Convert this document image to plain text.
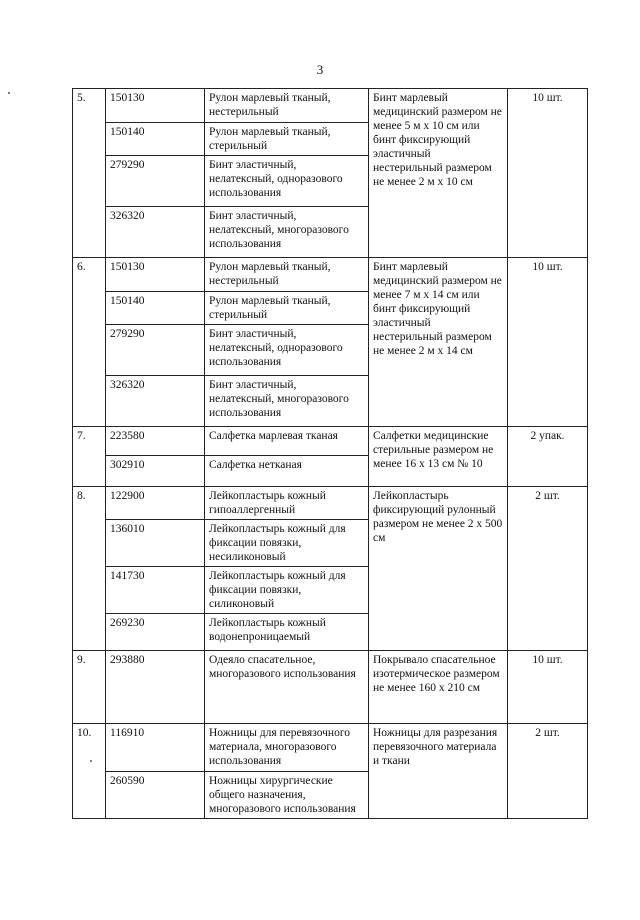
3
5.	150130	Рулон марлевый тканый, нестерильный	Бинт марлевый медицинский размером не менее 5 м х 10 см или бинт фиксирующий эластичный нестерильный размером не менее 2 м х 10 см	10 шт.
	150140	Рулон марлевый тканый, стерильный		
	279290	Бинт эластичный, нелатексный, одноразового использования		
	326320	Бинт эластичный, нелатексный, многоразового использования		
6.	150130	Рулон марлевый тканый, нестерильный	Бинт марлевый медицинский размером не менее 7 м х 14 см или бинт фиксирующий эластичный нестерильный размером не менее 2 м х 14 см	10 шт.
	150140	Рулон марлевый тканый, стерильный		
	279290	Бинт эластичный, нелатексный, одноразового использования		
	326320	Бинт эластичный, нелатексный, многоразового использования		
7.	223580	Салфетка марлевая тканая	Салфетки медицинские стерильные размером не менее 16 х 13 см № 10	2 упак.
	302910	Салфетка нетканая		
8.	122900	Лейкопластырь кожный гипоаллергенный	Лейкопластырь фиксирующий рулонный размером не менее 2 х 500 см	2 шт.
	136010	Лейкопластырь кожный для фиксации повязки, несиликоновый		
	141730	Лейкопластырь кожный для фиксации повязки, силиконовый		
	269230	Лейкопластырь кожный водонепроницаемый		
9.	293880	Одеяло спасательное, многоразового использования	Покрывало спасательное изотермическое размером не менее 160 х 210 см	10 шт.
10.	116910	Ножницы для перевязочного материала, многоразового использования	Ножницы для разрезания перевязочного материала и ткани	2 шт.
	260590	Ножницы хирургические общего назначения, многоразового использования		
